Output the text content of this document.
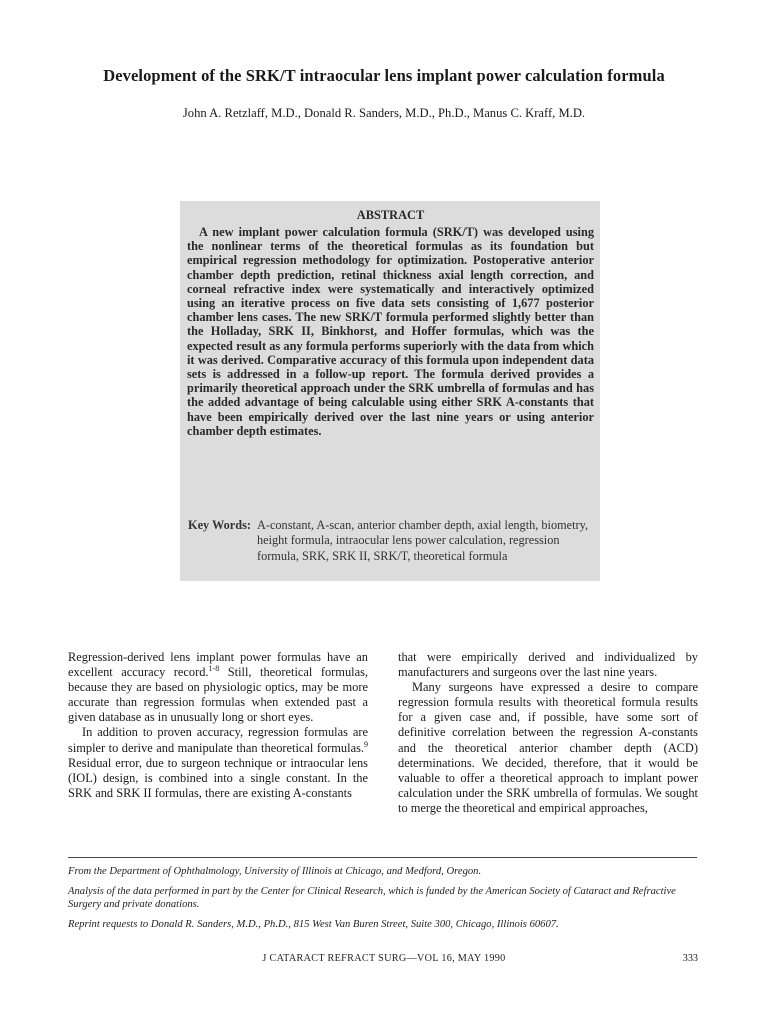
Development of the SRK/T intraocular lens implant power calculation formula

John A. Retzlaff, M.D., Donald R. Sanders, M.D., Ph.D., Manus C. Kraff, M.D.

ABSTRACT

A new implant power calculation formula (SRK/T) was developed using the nonlinear terms of the theoretical formulas as its foundation but empirical regression methodology for optimization. Postoperative anterior chamber depth prediction, retinal thickness axial length correction, and corneal refractive index were systematically and interactively optimized using an iterative process on five data sets consisting of 1,677 posterior chamber lens cases. The new SRK/T formula performed slightly better than the Holladay, SRK II, Binkhorst, and Hoffer formulas, which was the expected result as any formula performs superiorly with the data from which it was derived. Comparative accuracy of this formula upon independent data sets is addressed in a follow-up report. The formula derived provides a primarily theoretical approach under the SRK umbrella of formulas and has the added advantage of being calculable using either SRK A-constants that have been empirically derived over the last nine years or using anterior chamber depth estimates.

Key Words: A-constant, A-scan, anterior chamber depth, axial length, biometry, height formula, intraocular lens power calculation, regression formula, SRK, SRK II, SRK/T, theoretical formula

Regression-derived lens implant power formulas have an excellent accuracy record.$^{1-8}$ Still, theoretical formulas, because they are based on physiologic optics, may be more accurate than regression formulas when extended past a given database as in unusually long or short eyes.

In addition to proven accuracy, regression formulas are simpler to derive and manipulate than theoretical formulas.$^9$ Residual error, due to surgeon technique or intraocular lens (IOL) design, is combined into a single constant. In the SRK and SRK II formulas, there are existing A-constants

that were empirically derived and individualized by manufacturers and surgeons over the last nine years.

Many surgeons have expressed a desire to compare regression formula results with theoretical formula results for a given case and, if possible, have some sort of definitive correlation between the regression A-constants and the theoretical anterior chamber depth (ACD) determinations. We decided, therefore, that it would be valuable to offer a theoretical approach to implant power calculation under the SRK umbrella of formulas. We sought to merge the theoretical and empirical approaches,

From the Department of Ophthalmology, University of Illinois at Chicago, and Medford, Oregon.

Analysis of the data performed in part by the Center for Clinical Research, which is funded by the American Society of Cataract and Refractive Surgery and private donations.

Reprint requests to Donald R. Sanders, M.D., Ph.D., 815 West Van Buren Street, Suite 300, Chicago, Illinois 60607.

J CATARACT REFRACT SURG—VOL 16, MAY 1990	333
